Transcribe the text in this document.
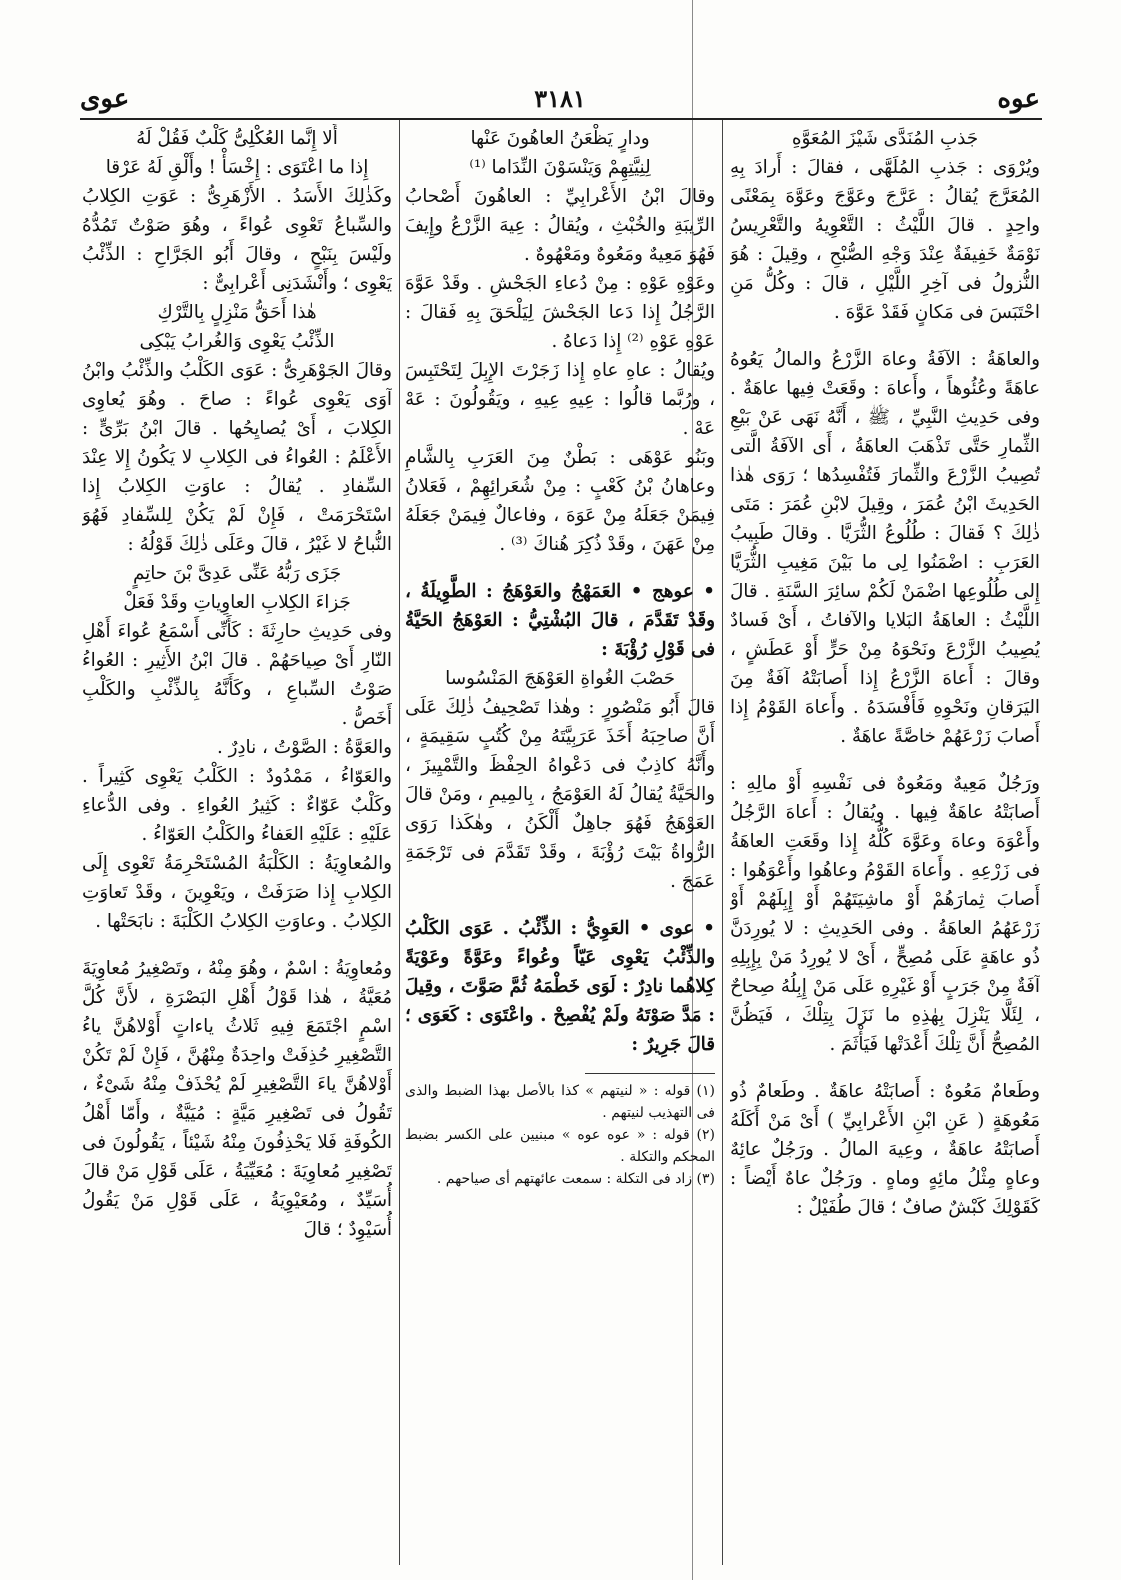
عوه
٣١٨١
عوى

جَذبِ المُنَدَّى شَيْزَ المُعَوَّهِ

ويُرْوَى : جَذبِ المُلَهَّى ، فقالَ : أَرادَ بِهِ المُعَرَّجَ يُقالُ : عَرَّجَ وعَوَّجَ وعَوَّهَ بِمَعْنًى واحِدٍ . قالَ اللَّيْثُ : التَّعْوِيهُ والتَّعْرِيسُ نَوْمَةٌ خَفِيفَةٌ عِنْدَ وَجْهِ الصُّبْحِ ، وقِيلَ : هُوَ النُّزولُ فى آخِرِ اللَّيْلِ ، قالَ : وكُلُّ مَنِ احْتَبَسَ فى مَكانٍ فَقَدْ عَوَّهَ .

والعاهَةُ : الآفَةُ وعاهَ الزَّرْعُ والمالُ يَعُوهُ عاهَةً وعُئُوهاً ، وأَعاهَ : وقَعَتْ فِيها عاهَةٌ . وفى حَدِيثِ النَّبِيِّ ، ﷺ ، أَنَّهُ نَهَى عَنْ بَيْعِ الثِّمارِ حَتَّى تَذْهَبَ العاهَةُ ، أَى الآفَةُ الَّتى تُصِيبُ الزَّرْعَ والثِّمارَ فَتُفْسِدُها ؛ رَوَى هٰذا الحَدِيثَ ابْنُ عُمَرَ ، وقِيلَ لابْنِ عُمَرَ : مَتَى ذٰلِكَ ؟ فَقالَ : طُلُوعُ الثُّرَيَّا . وقالَ طَبِيبُ العَرَبِ : اضْمَنُوا لِى ما بَيْنَ مَغِيبِ الثُّرَيَّا إِلى طُلُوعِها اضْمَنْ لَكُمْ سائِرَ السَّنَةِ . قالَ اللَّيْثُ : العاهَةُ البَلايا والآفاتُ ، أَىْ فَسادٌ يُصِيبُ الزَّرْعَ ونَحْوَهُ مِنْ حَرٍّ أَوْ عَطَشٍ ، وقالَ : أَعاهَ الزَّرْعُ إِذا أَصابَتْهُ آفَةٌ مِنَ اليَرَقانِ ونَحْوِهِ فَأَفْسَدَهُ . وأَعاهَ القَوْمُ إِذا أَصابَ زَرْعَهُمْ خاصَّةً عاهَةٌ .

ورَجُلٌ مَعِيهٌ ومَعُوهٌ فى نَفْسِهِ أَوْ مالِهِ : أَصابَتْهُ عاهَةٌ فِيها . ويُقالُ : أَعاهَ الرَّجُلُ وأَعْوَهَ وعاهَ وعَوَّهَ كُلُّهُ إِذا وقَعَتِ العاهَةُ فى زَرْعِهِ . وأَعاهَ القَوْمُ وعاهُوا وأَعْوَهُوا : أَصابَ ثِمارَهُمْ أَوْ ماشِيَتَهُمْ أَوْ إِبِلَهُمْ أَوْ زَرْعَهُمُ العاهَةُ . وفى الحَدِيثِ : لا يُورِدَنَّ ذُو عاهَةٍ عَلَى مُصِحٍّ ، أَىْ لا يُورِدُ مَنْ بِإِبِلِهِ آفَةٌ مِنْ جَرَبٍ أَوْ غَيْرِهِ عَلَى مَنْ إِبِلُهُ صِحاحٌ ، لِئَلَّا يَنْزِلَ بِهٰذِهِ ما نَزَلَ بِتِلْكَ ، فَيَظُنَّ المُصِحُّ أَنَّ تِلْكَ أَعْدَتْها فَيَأْثَمَ .

وطَعامٌ مَعُوهٌ : أَصابَتْهُ عاهَةٌ . وطَعامٌ ذُو مَعُوهَةٍ ( عَنِ ابْنِ الأَعْرابِيِّ ) أَىْ مَنْ أَكَلَهُ أَصابَتْهُ عاهَةٌ ، وعِيهَ المالُ . ورَجُلٌ عائِهٌ وعاهٍ مِثْلُ مائِهٍ وماهٍ . ورَجُلٌ عاهٌ أَيْضاً : كَقَوْلِكَ كَبْشٌ صافٌ ؛ قالَ طُفَيْلٌ :

ودارٍ يَظْعَنُ العاهُونَ عَنْها

لِنِيَّتِهِمْ وَيَنْسَوْنَ النِّدَاما ⁽¹⁾

وقالَ ابْنُ الأَعْرابِيِّ : العاهُونَ أَصْحابُ الرِّيبَةِ والخُبْثِ ، ويُقالُ : عِيهَ الزَّرْعُ وإِيفَ فَهُوَ مَعِيهٌ ومَعُوهٌ ومَعْهُوهٌ .

وعَوْهِ عَوْهِ : مِنْ دُعاءِ الجَحْشِ . وقَدْ عَوَّهَ الرَّجُلُ إِذا دَعا الجَحْشَ لِيَلْحَقَ بِهِ فَقالَ : عَوْهِ عَوْهِ ⁽²⁾ إِذا دَعاهُ .

ويُقالُ : عاهِ عاهِ إِذا زَجَرْتَ الإِبِلَ لِتَحْتَبِسَ ، ورُبَّما قالُوا : عِيهِ عِيهِ ، ويَقُولُونَ : عَهْ عَهْ .

وبَنُو عَوْهَى : بَطْنٌ مِنَ العَرَبِ بِالشَّامِ وعاهانُ بْنُ كَعْبٍ : مِنْ شُعَرائِهِمْ ، فَعَلانُ فِيمَنْ جَعَلَهُ مِنْ عَوَهَ ، وفاعالٌ فِيمَنْ جَعَلَهُ مِنْ عَهَنَ ، وقَدْ ذُكِرَ هُناكَ ⁽³⁾ .

• عوهج • العَمَهْجُ والعَوْهَجُ : الطَّوِيلَةُ ، وقَدْ تَقَدَّمَ ، قالَ البُشْتِيُّ : العَوْهَجُ الحَيَّةُ فى قَوْلِ رُؤْبَةَ :

حَصْبَ الغُواةِ العَوْهَجَ المَنْسُوسا

قالَ أَبُو مَنْصُورٍ : وهٰذا تَصْحِيفُ ذٰلِكَ عَلَى أَنَّ صاحِبَهُ أَخَذَ عَرَبِيَّتَهُ مِنْ كُتُبٍ سَقِيمَةٍ ، وأَنَّهُ كاذِبٌ فى دَعْواهُ الحِفْظَ والتَّمْيِيزَ ، والحَيَّةُ يُقالُ لَهُ العَوْمَجُ ، بِالمِيمِ ، ومَنْ قالَ العَوْهَجُ فَهُوَ جاهِلٌ أَلْكَنُ ، وهٰكَذا رَوَى الرُّواةُ بَيْتَ رُؤْبَةَ ، وقَدْ تَقَدَّمَ فى تَرْجَمَةِ عَمَجَ .

• عوى • العَوِيُّ : الذِّئْبُ . عَوَى الكَلْبُ والذِّئْبُ يَعْوِى عَيّاً وعُواءً وعَوَّةً وعَوْيَةً كِلاهُما نادِرٌ : لَوَى خَطْمَهُ ثُمَّ صَوَّتَ ، وقِيلَ : مَدَّ صَوْتَهُ ولَمْ يُفْصِحْ . واعْتَوَى : كَعَوَى ؛ قالَ جَرِيرٌ :

(١) قوله : « لنيتهم » كذا بالأصل بهذا الضبط والذى فى التهذيب لنيتهم .

(٢) قوله : « عوه عوه » مبنيين على الكسر بضبط المحكم والتكلة .

(٣) زاد فى التكلة : سمعت عائهتهم أى صياحهم .

أَلا إِنَّما العُكْلِىُّ كَلْبٌ فَقُلْ لَهُ

إِذا ما اعْتَوَى : إِخْسَأْ ! وأَلْقِ لَهُ عَرْقا

وكَذٰلِكَ الأَسَدُ . الأَزْهَرِىُّ : عَوَتِ الكِلابُ والسِّباعُ تَعْوِى عُواءً ، وهُوَ صَوْتٌ تَمُدُّهُ ولَيْسَ بِنَبْحٍ ، وقالَ أَبُو الجَرَّاحِ : الذِّئْبُ يَعْوِى ؛ وأَنْشَدَنِى أَعْرابِىٌّ :

هٰذا أَحَقُّ مَنْزِلٍ بِالتَّرْكِ

الذِّئْبُ يَعْوِى وَالغُرابُ يَبْكِى

وقالَ الجَوْهَرِىُّ : عَوَى الكَلْبُ والذِّئْبُ وابْنُ آوَى يَعْوِى عُواءً : صاحَ . وهُوَ يُعاوِى الكِلابَ ، أَىْ يُصايِحُها . قالَ ابْنُ بَرِّىٍّ : الأَعْلَمُ : العُواءُ فى الكِلابِ لا يَكُونُ إِلا عِنْدَ السِّفادِ . يُقالُ : عاوَتِ الكِلابُ إِذا اسْتَحْرَمَتْ ، فَإِنْ لَمْ يَكُنْ لِلسِّفادِ فَهُوَ النُّباحُ لا غَيْرُ ، قالَ وعَلَى ذٰلِكَ قَوْلُهُ :

جَزَى رَبُّهُ عَنِّى عَدِىَّ بْنَ حاتِمٍ

جَزاءَ الكِلابِ العاوِياتِ وقَدْ فَعَلْ

وفى حَدِيثِ حارِثَةَ : كَأَنِّى أَسْمَعُ عُواءَ أَهْلِ النّارِ أَىْ صِياحَهُمْ . قالَ ابْنُ الأَثِيرِ : العُواءُ صَوْتُ السِّباعِ ، وكَأَنَّهُ بِالذِّئْبِ والكَلْبِ أَخَصُّ .

والعَوَّةُ : الصَّوْتُ ، نادِرٌ .

والعَوّاءُ ، مَمْدُودٌ : الكَلْبُ يَعْوِى كَثِيراً . وكَلْبٌ عَوّاءٌ : كَثِيرُ العُواءِ . وفى الدُّعاءِ عَلَيْهِ : عَلَيْهِ العَفاءُ والكَلْبُ العَوّاءُ .

والمُعاوِيَةُ : الكَلْبَةُ المُسْتَحْرِمَةُ تَعْوِى إِلَى الكِلابِ إِذا صَرَفَتْ ، ويَعْوِينَ ، وقَدْ تَعاوَتِ الكِلابُ . وعاوَتِ الكِلابُ الكَلْبَةَ : نابَحَتْها .

ومُعاوِيَةُ : اسْمٌ ، وهُوَ مِنْهُ ، وتَصْغِيرُ مُعاوِيَةَ مُعَيَّةُ ، هٰذا قَوْلُ أَهْلِ البَصْرَةِ ، لأَنَّ كُلَّ اسْمٍ اجْتَمَعَ فِيهِ ثَلاثُ ياءاتٍ أَوْلاهُنَّ ياءُ التَّصْغِيرِ حُذِفَتْ واحِدَةٌ مِنْهُنَّ ، فَإِنْ لَمْ تَكُنْ أَوْلاهُنَّ ياءَ التَّصْغِيرِ لَمْ يُحْذَفْ مِنْهُ شَىْءٌ ، تَقُولُ فى تَصْغِيرِ مَيَّةٍ : مُيَيَّةٌ ، وأَمّا أَهْلُ الكُوفَةِ فَلا يَحْذِفُونَ مِنْهُ شَيْئاً ، يَقُولُونَ فى تَصْغِيرِ مُعاوِيَةَ : مُعَيِّيَةُ ، عَلَى قَوْلِ مَنْ قالَ أُسَيِّدٌ ، ومُعَيْوِيَةُ ، عَلَى قَوْلِ مَنْ يَقُولُ أُسَيْوِدٌ ؛ قالَ
